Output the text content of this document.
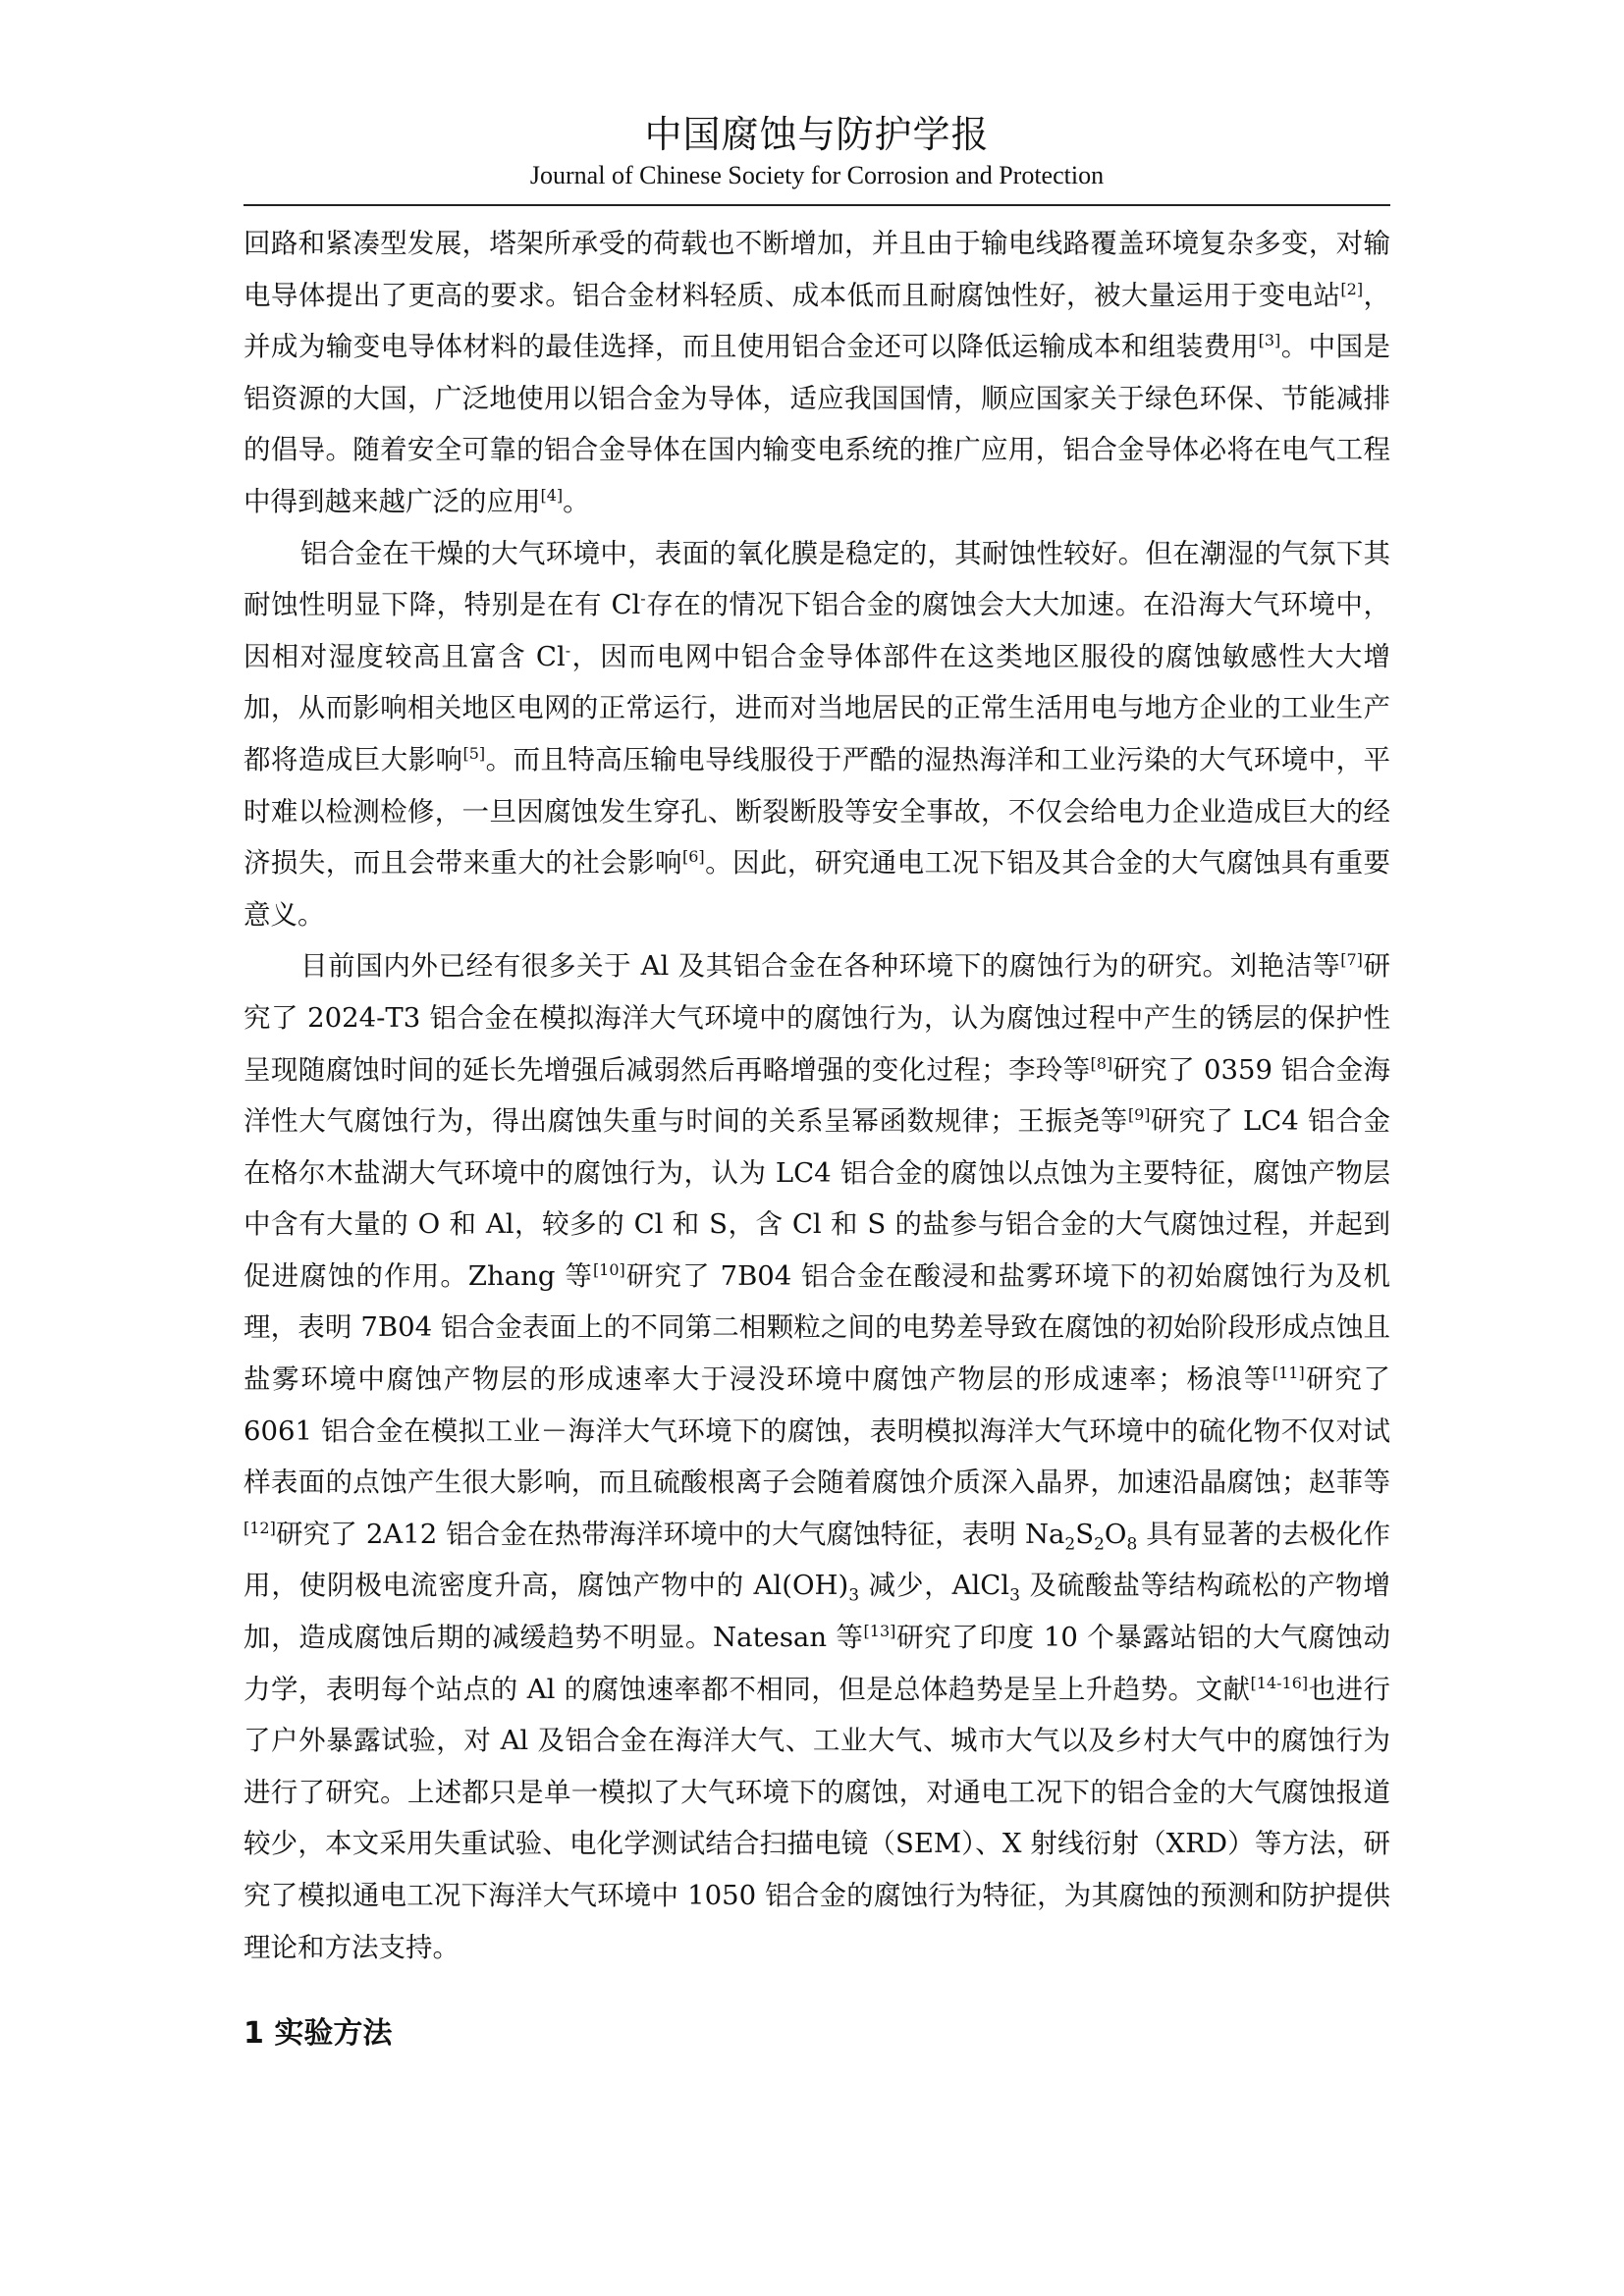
中国腐蚀与防护学报
Journal of Chinese Society for Corrosion and Protection

回路和紧凑型发展，塔架所承受的荷载也不断增加，并且由于输电线路覆盖环境复杂多变，对输电导体提出了更高的要求。铝合金材料轻质、成本低而且耐腐蚀性好，被大量运用于变电站[2]，并成为输变电导体材料的最佳选择，而且使用铝合金还可以降低运输成本和组装费用[3]。中国是铝资源的大国，广泛地使用以铝合金为导体，适应我国国情，顺应国家关于绿色环保、节能减排的倡导。随着安全可靠的铝合金导体在国内输变电系统的推广应用，铝合金导体必将在电气工程中得到越来越广泛的应用[4]。

铝合金在干燥的大气环境中，表面的氧化膜是稳定的，其耐蚀性较好。但在潮湿的气氛下其耐蚀性明显下降，特别是在有 Cl-存在的情况下铝合金的腐蚀会大大加速。在沿海大气环境中，因相对湿度较高且富含 Cl-，因而电网中铝合金导体部件在这类地区服役的腐蚀敏感性大大增加，从而影响相关地区电网的正常运行，进而对当地居民的正常生活用电与地方企业的工业生产都将造成巨大影响[5]。而且特高压输电导线服役于严酷的湿热海洋和工业污染的大气环境中，平时难以检测检修，一旦因腐蚀发生穿孔、断裂断股等安全事故，不仅会给电力企业造成巨大的经济损失，而且会带来重大的社会影响[6]。因此，研究通电工况下铝及其合金的大气腐蚀具有重要意义。

目前国内外已经有很多关于 Al 及其铝合金在各种环境下的腐蚀行为的研究。刘艳洁等[7]研究了 2024-T3 铝合金在模拟海洋大气环境中的腐蚀行为，认为腐蚀过程中产生的锈层的保护性呈现随腐蚀时间的延长先增强后减弱然后再略增强的变化过程；李玲等[8]研究了 0359 铝合金海洋性大气腐蚀行为，得出腐蚀失重与时间的关系呈幂函数规律；王振尧等[9]研究了 LC4 铝合金在格尔木盐湖大气环境中的腐蚀行为，认为 LC4 铝合金的腐蚀以点蚀为主要特征，腐蚀产物层中含有大量的 O 和 Al，较多的 Cl 和 S，含 Cl 和 S 的盐参与铝合金的大气腐蚀过程，并起到促进腐蚀的作用。Zhang 等[10]研究了 7B04 铝合金在酸浸和盐雾环境下的初始腐蚀行为及机理，表明 7B04 铝合金表面上的不同第二相颗粒之间的电势差导致在腐蚀的初始阶段形成点蚀且盐雾环境中腐蚀产物层的形成速率大于浸没环境中腐蚀产物层的形成速率；杨浪等[11]研究了 6061 铝合金在模拟工业－海洋大气环境下的腐蚀，表明模拟海洋大气环境中的硫化物不仅对试样表面的点蚀产生很大影响，而且硫酸根离子会随着腐蚀介质深入晶界，加速沿晶腐蚀；赵菲等[12]研究了 2A12 铝合金在热带海洋环境中的大气腐蚀特征，表明 $Na_2S_2O_8$ 具有显著的去极化作用，使阴极电流密度升高，腐蚀产物中的 $Al(OH)_3$ 减少，AlCl$_3$ 及硫酸盐等结构疏松的产物增加，造成腐蚀后期的减缓趋势不明显。Natesan 等[13]研究了印度 10 个暴露站铝的大气腐蚀动力学，表明每个站点的 Al 的腐蚀速率都不相同，但是总体趋势是呈上升趋势。文献[14-16]也进行了户外暴露试验，对 Al 及铝合金在海洋大气、工业大气、城市大气以及乡村大气中的腐蚀行为进行了研究。上述都只是单一模拟了大气环境下的腐蚀，对通电工况下的铝合金的大气腐蚀报道较少，本文采用失重试验、电化学测试结合扫描电镜（SEM）、X 射线衍射（XRD）等方法，研究了模拟通电工况下海洋大气环境中 1050 铝合金的腐蚀行为特征，为其腐蚀的预测和防护提供理论和方法支持。

1 实验方法
